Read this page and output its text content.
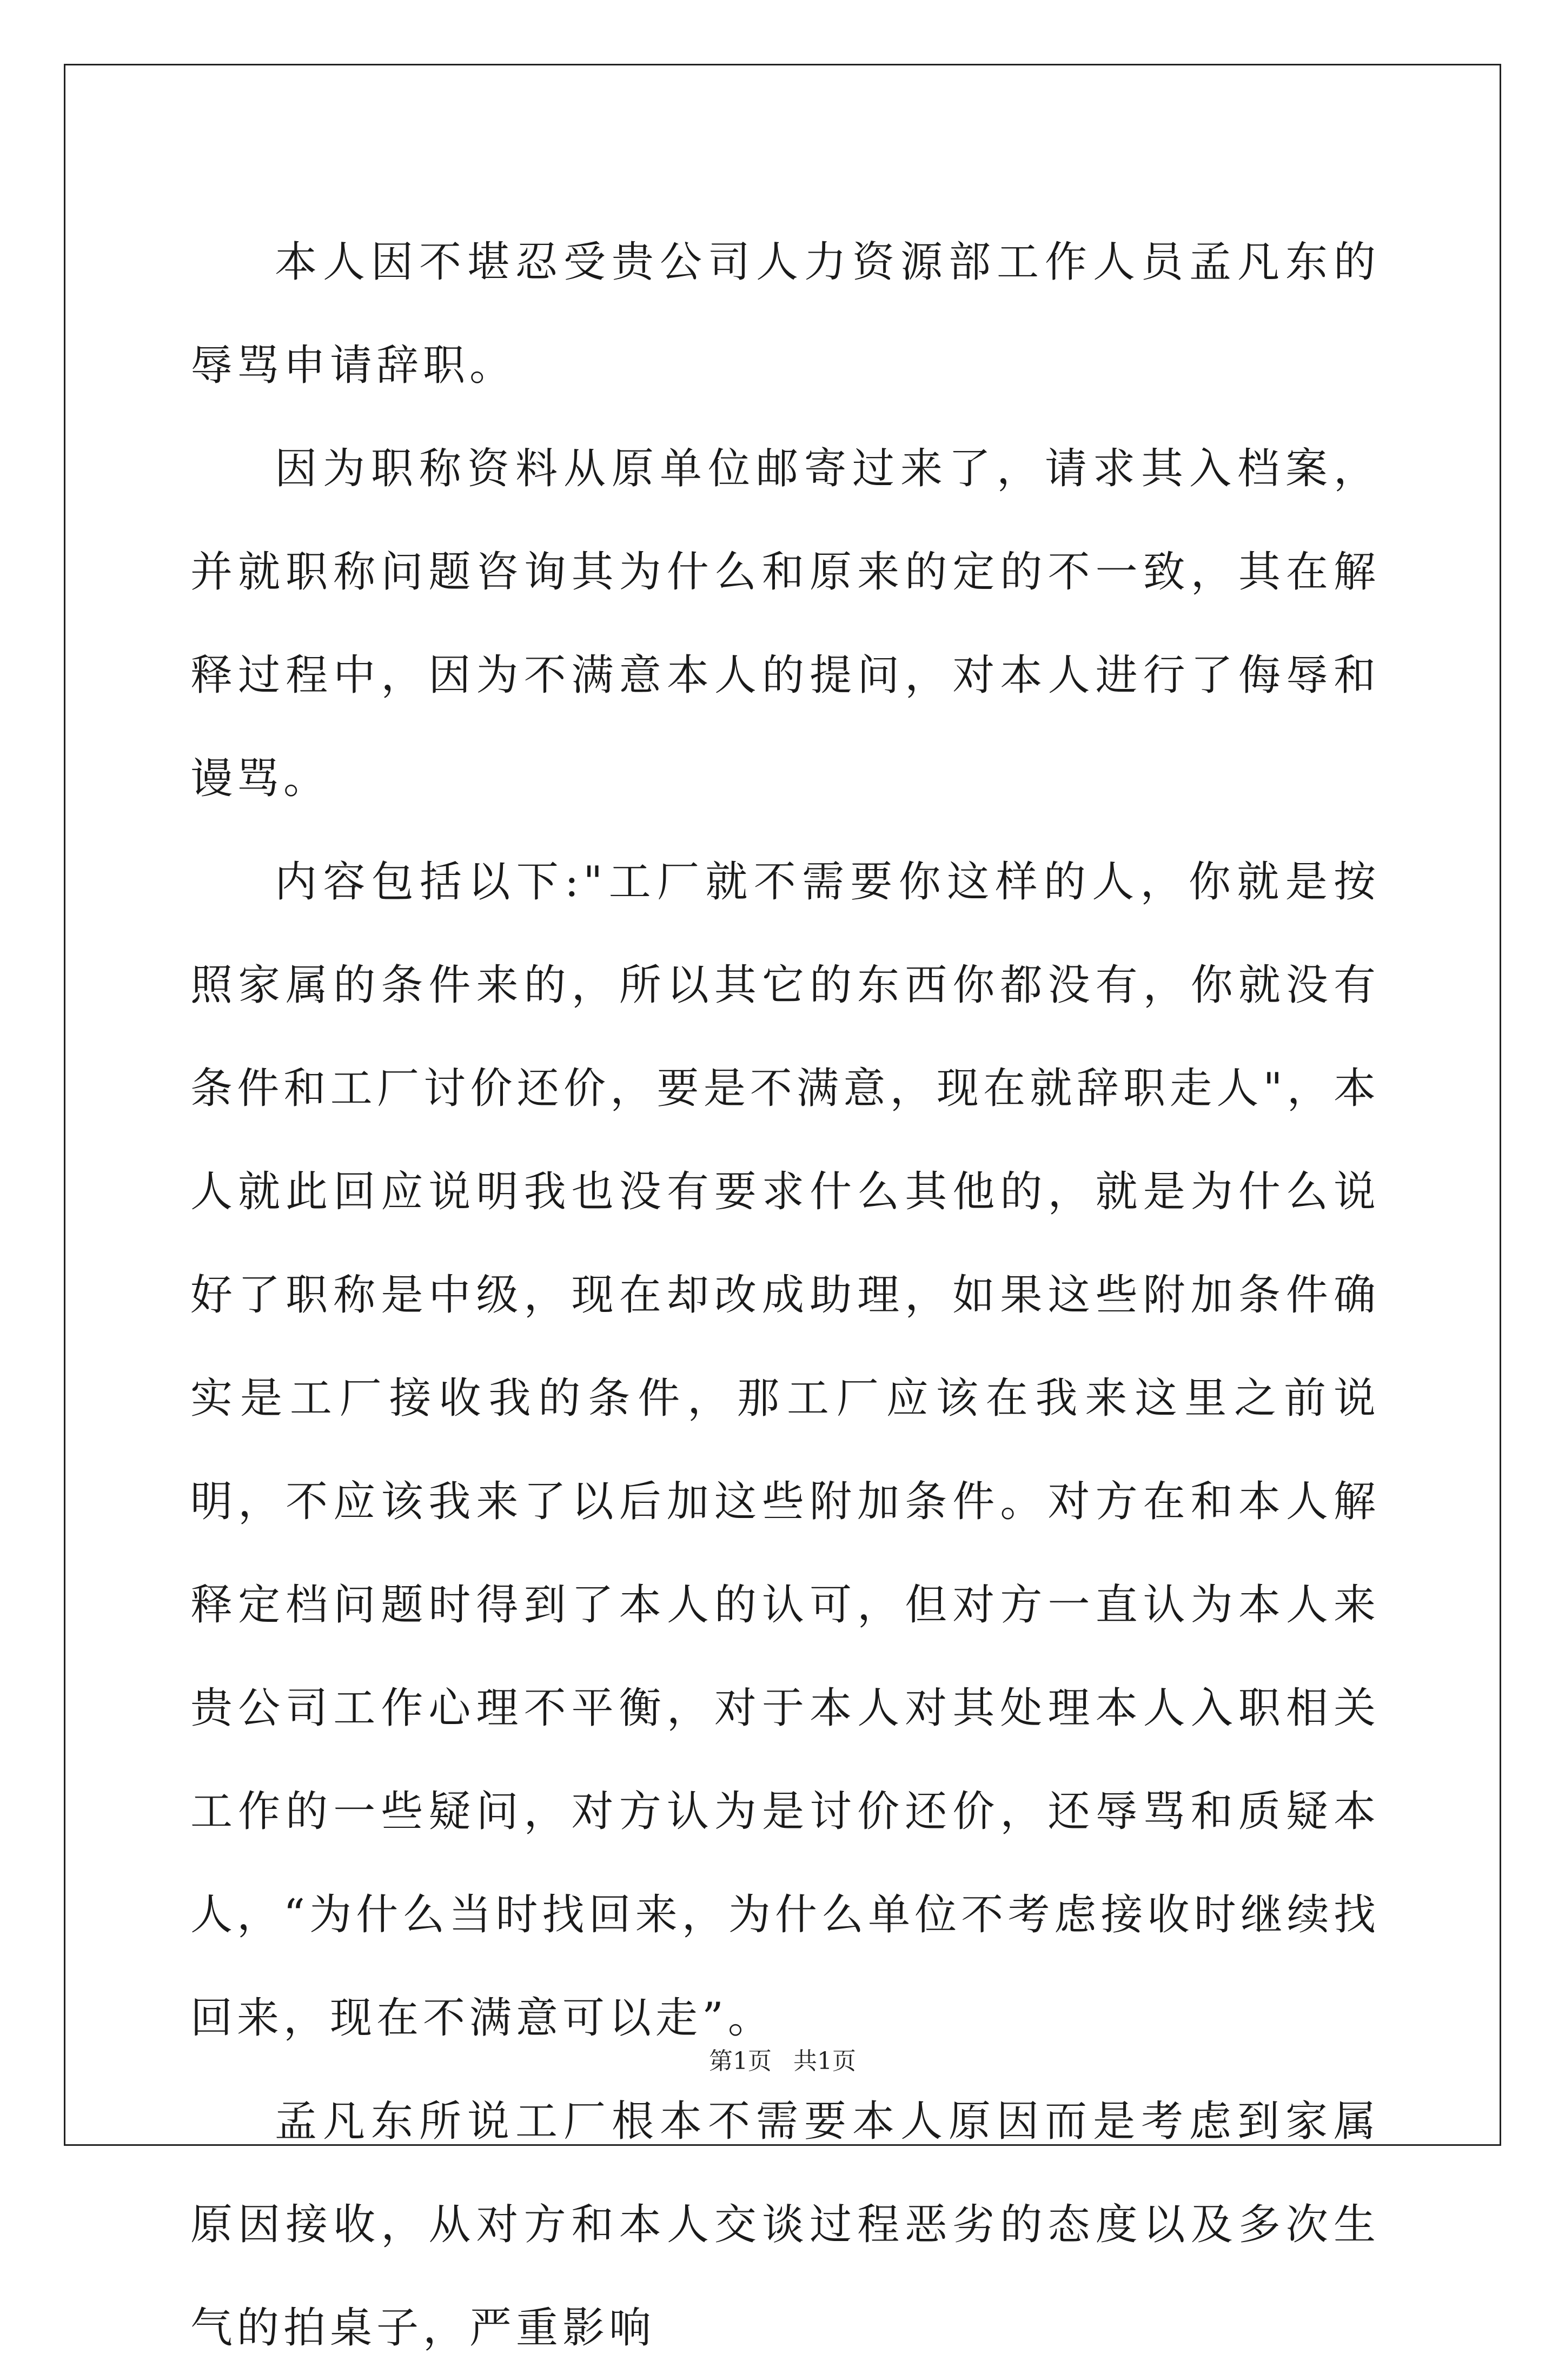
本人因不堪忍受贵公司人力资源部工作人员孟凡东的辱骂申请辞职。

因为职称资料从原单位邮寄过来了，请求其入档案，并就职称问题咨询其为什么和原来的定的不一致，其在解释过程中，因为不满意本人的提问，对本人进行了侮辱和谩骂。

内容包括以下:"工厂就不需要你这样的人，你就是按照家属的条件来的，所以其它的东西你都没有，你就没有条件和工厂讨价还价，要是不满意，现在就辞职走人"，本人就此回应说明我也没有要求什么其他的，就是为什么说好了职称是中级，现在却改成助理，如果这些附加条件确实是工厂接收我的条件，那工厂应该在我来这里之前说明，不应该我来了以后加这些附加条件。对方在和本人解释定档问题时得到了本人的认可，但对方一直认为本人来贵公司工作心理不平衡，对于本人对其处理本人入职相关工作的一些疑问，对方认为是讨价还价，还辱骂和质疑本人，“为什么当时找回来，为什么单位不考虑接收时继续找回来，现在不满意可以走”。

孟凡东所说工厂根本不需要本人原因而是考虑到家属原因接收，从对方和本人交谈过程恶劣的态度以及多次生气的拍桌子，严重影响

第1页 共1页
